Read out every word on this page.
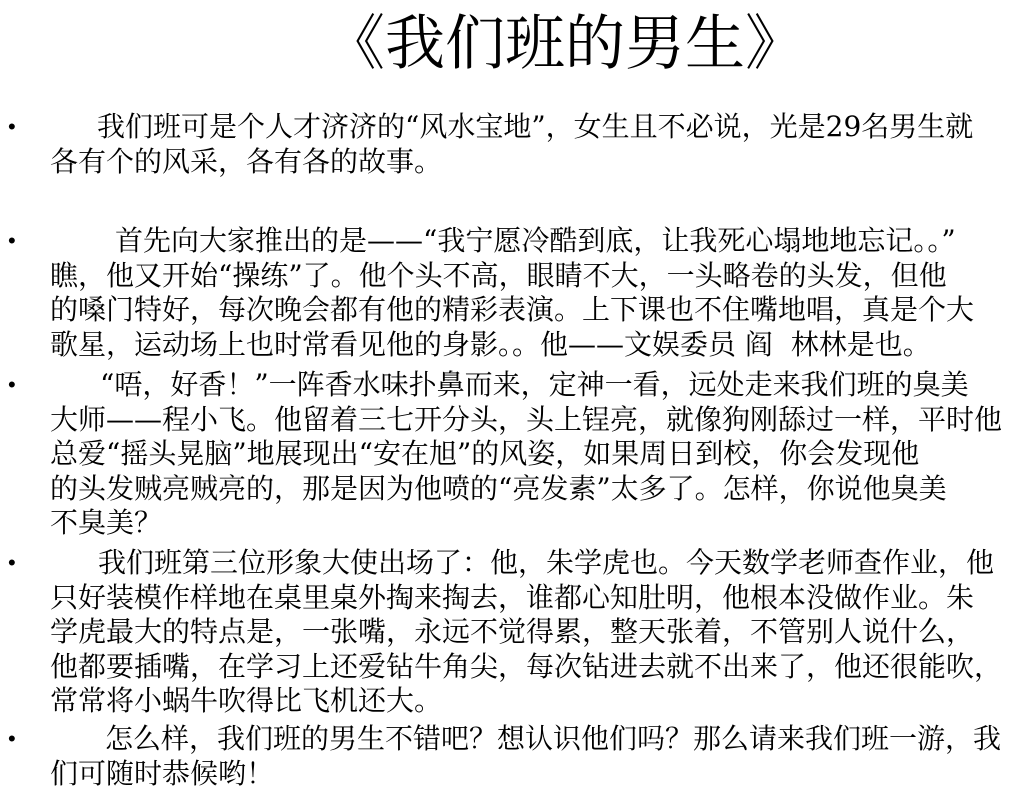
《我们班的男生》
•	我们班可是个人才济济的“风水宝地”，女生且不必说，光是29名男生就
各有个的风采，各有各的故事。
•	首先向大家推出的是——“我宁愿冷酷到底，让我死心塌地地忘记。。”
瞧，他又开始“操练”了。他个头不高，眼睛不大，一头略卷的头发，但他
的嗓门特好，每次晚会都有他的精彩表演。上下课也不住嘴地唱，真是个大
歌星，运动场上也时常看见他的身影。。他——文娱委员 阎  林林是也。
•	“唔，好香！”一阵香水味扑鼻而来，定神一看，远处走来我们班的臭美
大师——程小飞。他留着三七开分头，头上锃亮，就像狗刚舔过一样，平时他
总爱“摇头晃脑”地展现出“安在旭”的风姿，如果周日到校，你会发现他
的头发贼亮贼亮的，那是因为他喷的“亮发素”太多了。怎样，你说他臭美
不臭美？
•	我们班第三位形象大使出场了：他，朱学虎也。今天数学老师查作业，他
只好装模作样地在桌里桌外掏来掏去，谁都心知肚明，他根本没做作业。朱
学虎最大的特点是，一张嘴，永远不觉得累，整天张着，不管别人说什么，
他都要插嘴，在学习上还爱钻牛角尖，每次钻进去就不出来了，他还很能吹，
常常将小蜗牛吹得比飞机还大。
•	怎么样，我们班的男生不错吧？想认识他们吗？那么请来我们班一游，我
们可随时恭候哟！
